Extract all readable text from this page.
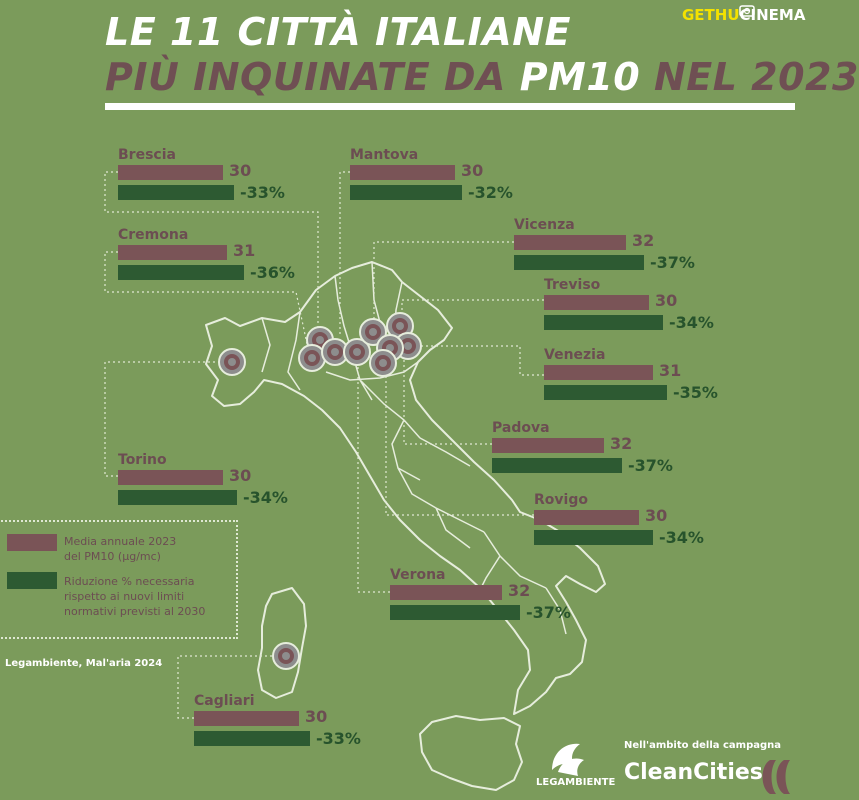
GETHUCINEMA
LE 11 CITTÀ ITALIANE
PIÙ INQUINATE DA PM10 NEL 2023
Brescia
30
-33%
Mantova
30
-32%
Cremona
31
-36%
Vicenza
32
-37%
Treviso
30
-34%
Venezia
31
-35%
Torino
30
-34%
Padova
32
-37%
Rovigo
30
-34%
Verona
32
-37%
Cagliari
30
-33%
Media annuale 2023 del PM10 (µg/mc)
Riduzione % necessaria rispetto ai nuovi limiti normativi previsti al 2030
Legambiente, Mal'aria 2024
LEGAMBIENTE
Nell'ambito della campagna
CleanCities
